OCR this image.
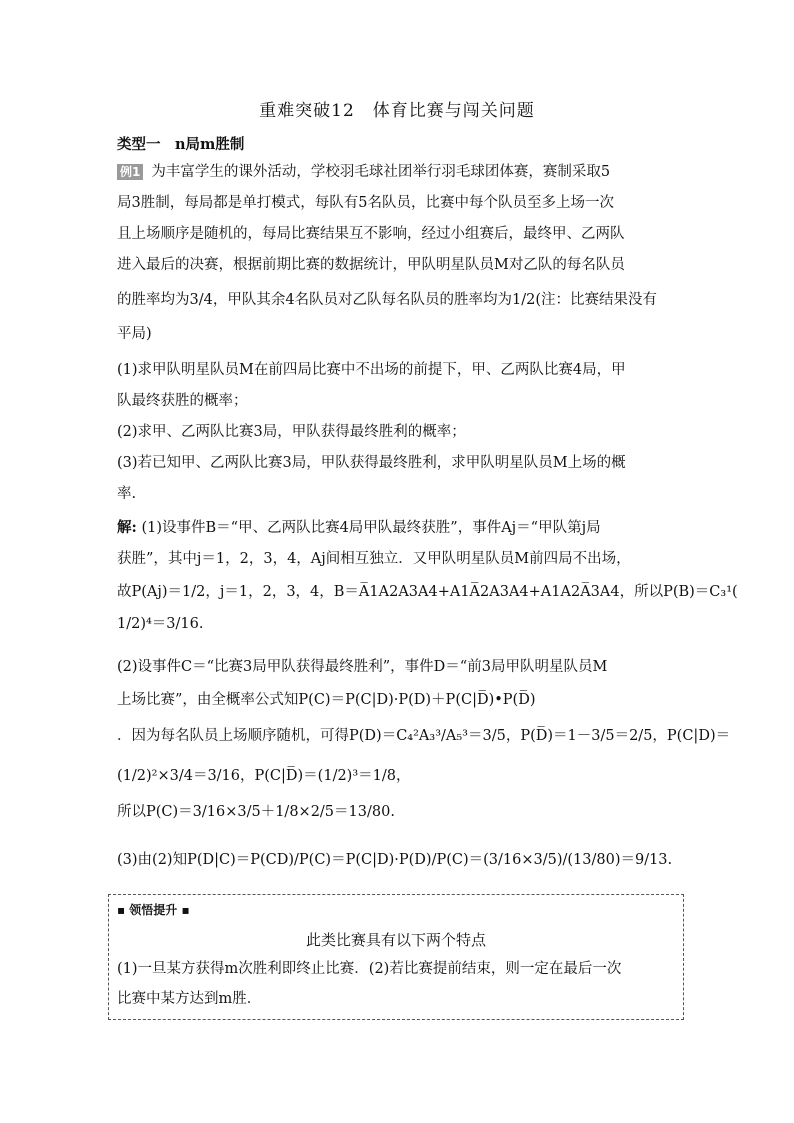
重难突破12　体育比赛与闯关问题
类型一  n局m胜制
例1 为丰富学生的课外活动，学校羽毛球社团举行羽毛球团体赛，赛制采取5
局3胜制，每局都是单打模式，每队有5名队员，比赛中每个队员至多上场一次
且上场顺序是随机的，每局比赛结果互不影响，经过小组赛后，最终甲、乙两队
进入最后的决赛，根据前期比赛的数据统计，甲队明星队员M对乙队的每名队员
的胜率均为3/4，甲队其余4名队员对乙队每名队员的胜率均为1/2(注：比赛结果没有
平局)
(1)求甲队明星队员M在前四局比赛中不出场的前提下，甲、乙两队比赛4局，甲
队最终获胜的概率；
(2)求甲、乙两队比赛3局，甲队获得最终胜利的概率；
(3)若已知甲、乙两队比赛3局，甲队获得最终胜利，求甲队明星队员M上场的概
率.
解: (1)设事件B＝“甲、乙两队比赛4局甲队最终获胜”，事件Aj＝“甲队第j局
获胜”，其中j＝1，2，3，4，Aj间相互独立．又甲队明星队员M前四局不出场，
故P(Aj)＝1/2，j＝1，2，3，4，B＝A̅1A2A3A4+A1A̅2A3A4+A1A2A̅3A4，所以P(B)＝C₃¹(
1/2)⁴＝3/16.
(2)设事件C＝“比赛3局甲队获得最终胜利”，事件D＝“前3局甲队明星队员M
上场比赛”，由全概率公式知P(C)＝P(C|D)·P(D)＋P(C|D̅)•P(D̅)
．因为每名队员上场顺序随机，可得P(D)＝C₄²A₃³/A₅³＝3/5，P(D̅)＝1－3/5＝2/5，P(C|D)＝
(1/2)²×3/4＝3/16，P(C|D̅)＝(1/2)³＝1/8，
所以P(C)＝3/16×3/5＋1/8×2/5＝13/80.
(3)由(2)知P(D|C)＝P(CD)/P(C)＝P(C|D)·P(D)/P(C)＝(3/16×3/5)/(13/80)＝9/13.
▪ 领悟提升 ▪
此类比赛具有以下两个特点
(1)一旦某方获得m次胜利即终止比赛．(2)若比赛提前结束，则一定在最后一次
比赛中某方达到m胜．
